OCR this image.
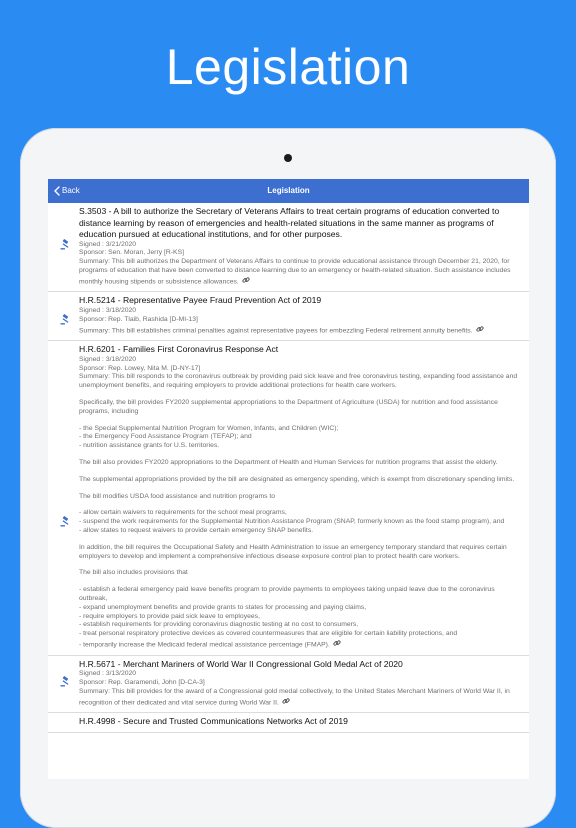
Legislation
Back	Legislation
S.3503 - A bill to authorize the Secretary of Veterans Affairs to treat certain programs of education converted to distance learning by reason of emergencies and health-related situations in the same manner as programs of education pursued at educational institutions, and for other purposes.
Signed : 3/21/2020
Sponsor: Sen. Moran, Jerry [R-KS]
Summary: This bill authorizes the Department of Veterans Affairs to continue to provide educational assistance through December 21, 2020, for programs of education that have been converted to distance learning due to an emergency or health-related situation. Such assistance includes monthly housing stipends or subsistence allowances.
H.R.5214 - Representative Payee Fraud Prevention Act of 2019
Signed : 3/18/2020
Sponsor: Rep. Tlaib, Rashida [D-MI-13]
Summary: This bill establishes criminal penalties against representative payees for embezzling Federal retirement annuity benefits.
H.R.6201 - Families First Coronavirus Response Act
Signed : 3/18/2020
Sponsor: Rep. Lowey, Nita M. [D-NY-17]
Summary: This bill responds to the coronavirus outbreak by providing paid sick leave and free coronavirus testing, expanding food assistance and unemployment benefits, and requiring employers to provide additional protections for health care workers.
Specifically, the bill provides FY2020 supplemental appropriations to the Department of Agriculture (USDA) for nutrition and food assistance programs, including
- the Special Supplemental Nutrition Program for Women, Infants, and Children (WIC);
- the Emergency Food Assistance Program (TEFAP); and
- nutrition assistance grants for U.S. territories.
The bill also provides FY2020 appropriations to the Department of Health and Human Services for nutrition programs that assist the elderly.
The supplemental appropriations provided by the bill are designated as emergency spending, which is exempt from discretionary spending limits.
The bill modifies USDA food assistance and nutrition programs to
- allow certain waivers to requirements for the school meal programs,
- suspend the work requirements for the Supplemental Nutrition Assistance Program (SNAP, formerly known as the food stamp program), and
- allow states to request waivers to provide certain emergency SNAP benefits.
In addition, the bill requires the Occupational Safety and Health Administration to issue an emergency temporary standard that requires certain employers to develop and implement a comprehensive infectious disease exposure control plan to protect health care workers.
The bill also includes provisions that
- establish a federal emergency paid leave benefits program to provide payments to employees taking unpaid leave due to the coronavirus outbreak,
- expand unemployment benefits and provide grants to states for processing and paying claims,
- require employers to provide paid sick leave to employees,
- establish requirements for providing coronavirus diagnostic testing at no cost to consumers,
- treat personal respiratory protective devices as covered countermeasures that are eligible for certain liability protections, and
- temporarily increase the Medicaid federal medical assistance percentage (FMAP).
H.R.5671 - Merchant Mariners of World War II Congressional Gold Medal Act of 2020
Signed : 3/13/2020
Sponsor: Rep. Garamendi, John [D-CA-3]
Summary: This bill provides for the award of a Congressional gold medal collectively, to the United States Merchant Mariners of World War II, in recognition of their dedicated and vital service during World War II.
H.R.4998 - Secure and Trusted Communications Networks Act of 2019
